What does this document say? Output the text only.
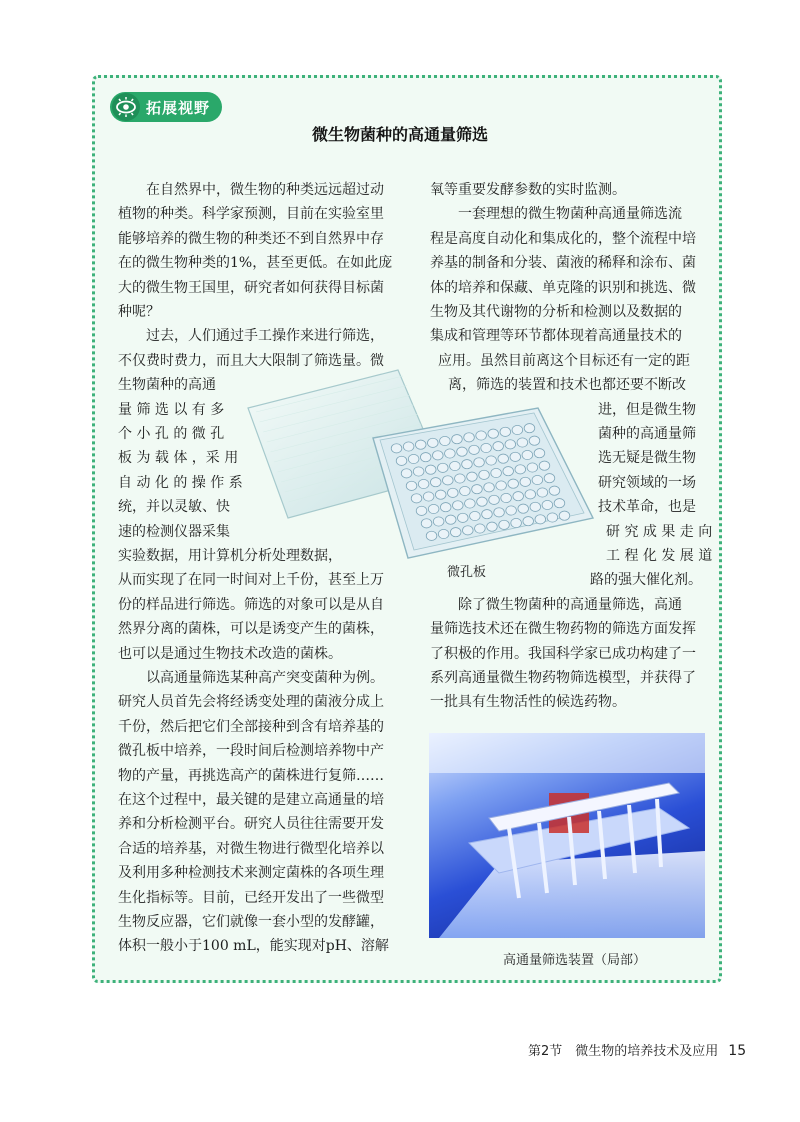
拓展视野
微生物菌种的高通量筛选
　　在自然界中，微生物的种类远远超过动
植物的种类。科学家预测，目前在实验室里
能够培养的微生物的种类还不到自然界中存
在的微生物种类的1%，甚至更低。在如此庞
大的微生物王国里，研究者如何获得目标菌
种呢？
　　过去，人们通过手工操作来进行筛选，
不仅费时费力，而且大大限制了筛选量。微
生物菌种的高通
量 筛 选 以 有 多
个 小 孔 的 微 孔
板 为 载 体 ，采 用
自 动 化 的 操 作 系
统，并以灵敏、快
速的检测仪器采集
实验数据，用计算机分析处理数据，
从而实现了在同一时间对上千份，甚至上万
份的样品进行筛选。筛选的对象可以是从自
然界分离的菌株，可以是诱变产生的菌株，
也可以是通过生物技术改造的菌株。
　　以高通量筛选某种高产突变菌种为例。
研究人员首先会将经诱变处理的菌液分成上
千份，然后把它们全部接种到含有培养基的
微孔板中培养，一段时间后检测培养物中产
物的产量，再挑选高产的菌株进行复筛……
在这个过程中，最关键的是建立高通量的培
养和分析检测平台。研究人员往往需要开发
合适的培养基，对微生物进行微型化培养以
及利用多种检测技术来测定菌株的各项生理
生化指标等。目前，已经开发出了一些微型
生物反应器，它们就像一套小型的发酵罐，
体积一般小于100 mL，能实现对pH、溶解
氧等重要发酵参数的实时监测。
　　一套理想的微生物菌种高通量筛选流
程是高度自动化和集成化的，整个流程中培
养基的制备和分装、菌液的稀释和涂布、菌
体的培养和保藏、单克隆的识别和挑选、微
生物及其代谢物的分析和检测以及数据的
集成和管理等环节都体现着高通量技术的
应用。虽然目前离这个目标还有一定的距
离，筛选的装置和技术也都还要不断改
进，但是微生物
菌种的高通量筛
选无疑是微生物
研究领域的一场
技术革命，也是
研 究 成 果 走 向
工 程 化 发 展 道
路的强大催化剂。
　　除了微生物菌种的高通量筛选，高通
量筛选技术还在微生物药物的筛选方面发挥
了积极的作用。我国科学家已成功构建了一
系列高通量微生物药物筛选模型，并获得了
一批具有生物活性的候选药物。
微孔板
高通量筛选装置（局部）
第2节　微生物的培养技术及应用 15
